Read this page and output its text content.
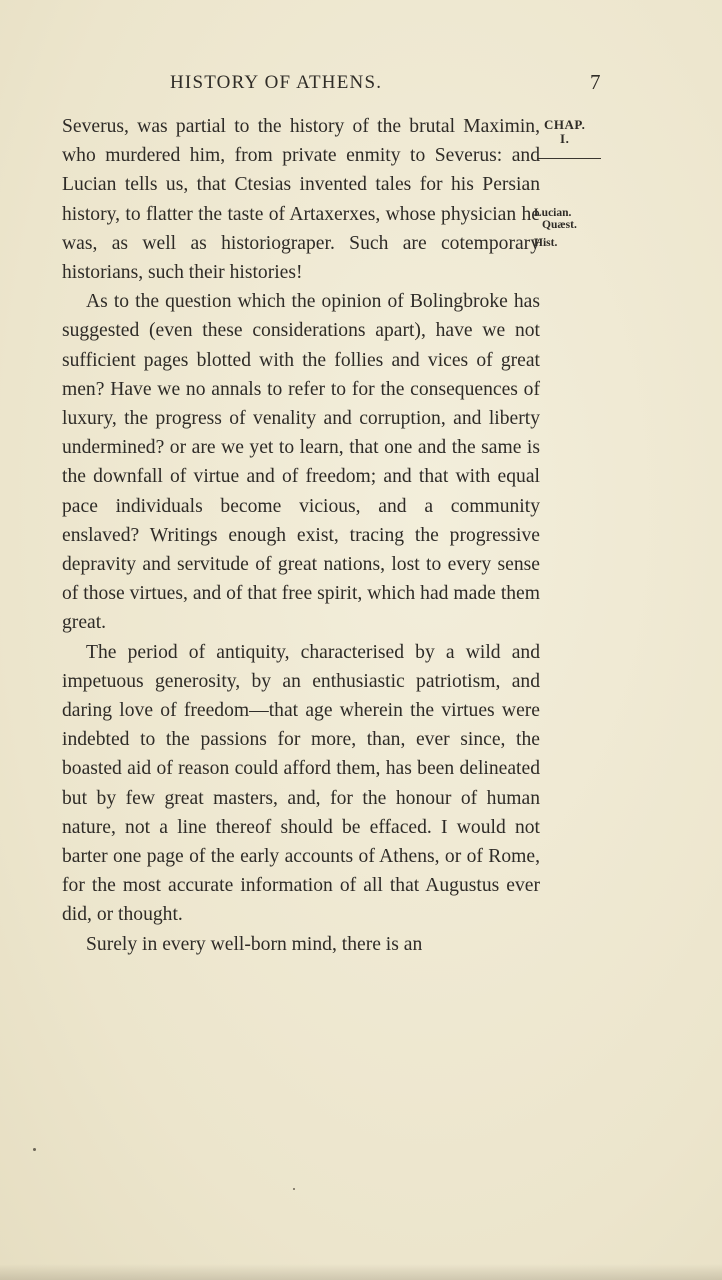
HISTORY OF ATHENS.	7
CHAP.
I.
Lucian.
Quæst.
Hist.

Severus, was partial to the history of the brutal Maximin, who murdered him, from private enmity to Severus: and Lucian tells us, that Ctesias invented tales for his Persian history, to flatter the taste of Artaxerxes, whose physician he was, as well as historiograper. Such are cotemporary historians, such their histories!

As to the question which the opinion of Bolingbroke has suggested (even these considerations apart), have we not sufficient pages blotted with the follies and vices of great men? Have we no annals to refer to for the consequences of luxury, the progress of venality and corruption, and liberty undermined? or are we yet to learn, that one and the same is the downfall of virtue and of freedom; and that with equal pace individuals become vicious, and a community enslaved? Writings enough exist, tracing the progressive depravity and servitude of great nations, lost to every sense of those virtues, and of that free spirit, which had made them great.

The period of antiquity, characterised by a wild and impetuous generosity, by an enthusiastic patriotism, and daring love of freedom—that age wherein the virtues were indebted to the passions for more, than, ever since, the boasted aid of reason could afford them, has been delineated but by few great masters, and, for the honour of human nature, not a line thereof should be effaced. I would not barter one page of the early accounts of Athens, or of Rome, for the most accurate information of all that Augustus ever did, or thought.

Surely in every well-born mind, there is an
